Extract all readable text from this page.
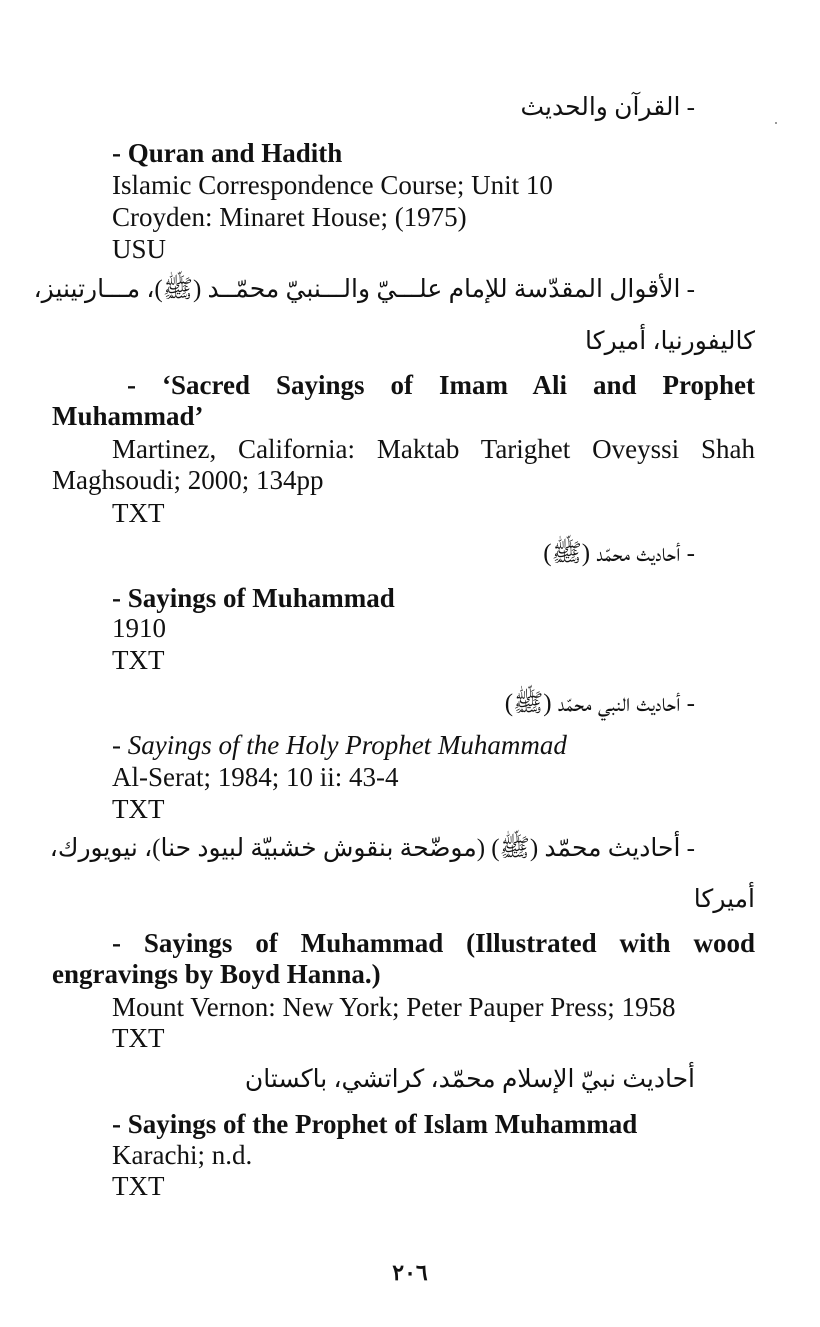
- القرآن والحديث
- Quran and Hadith
Islamic Correspondence Course; Unit 10
Croyden: Minaret House; (1975)
USU
- الأقوال المقدّسة للإمام علـــيّ والـــنبيّ محمّــد (ﷺ)، مـــارتينيز،
كاليفورنيا، أميركا
- ‘Sacred Sayings of Imam Ali and Prophet Muhammad’
Martinez, California: Maktab Tarighet Oveyssi Shah Maghsoudi; 2000; 134pp
TXT
- أحاديث محمّد (ﷺ)
- Sayings of Muhammad
1910
TXT
- أحاديث النبي محمّد (ﷺ)
- Sayings of the Holy Prophet Muhammad
Al-Serat; 1984; 10 ii: 43-4
TXT
- أحاديث محمّد (ﷺ) (موضّحة بنقوش خشبيّة لبيود حنا)، نيويورك،
أميركا
- Sayings of Muhammad (Illustrated with wood engravings by Boyd Hanna.)
Mount Vernon: New York; Peter Pauper Press; 1958
TXT
أحاديث نبيّ الإسلام محمّد، كراتشي، باكستان
- Sayings of the Prophet of Islam Muhammad
Karachi; n.d.
TXT
٢٠٦
